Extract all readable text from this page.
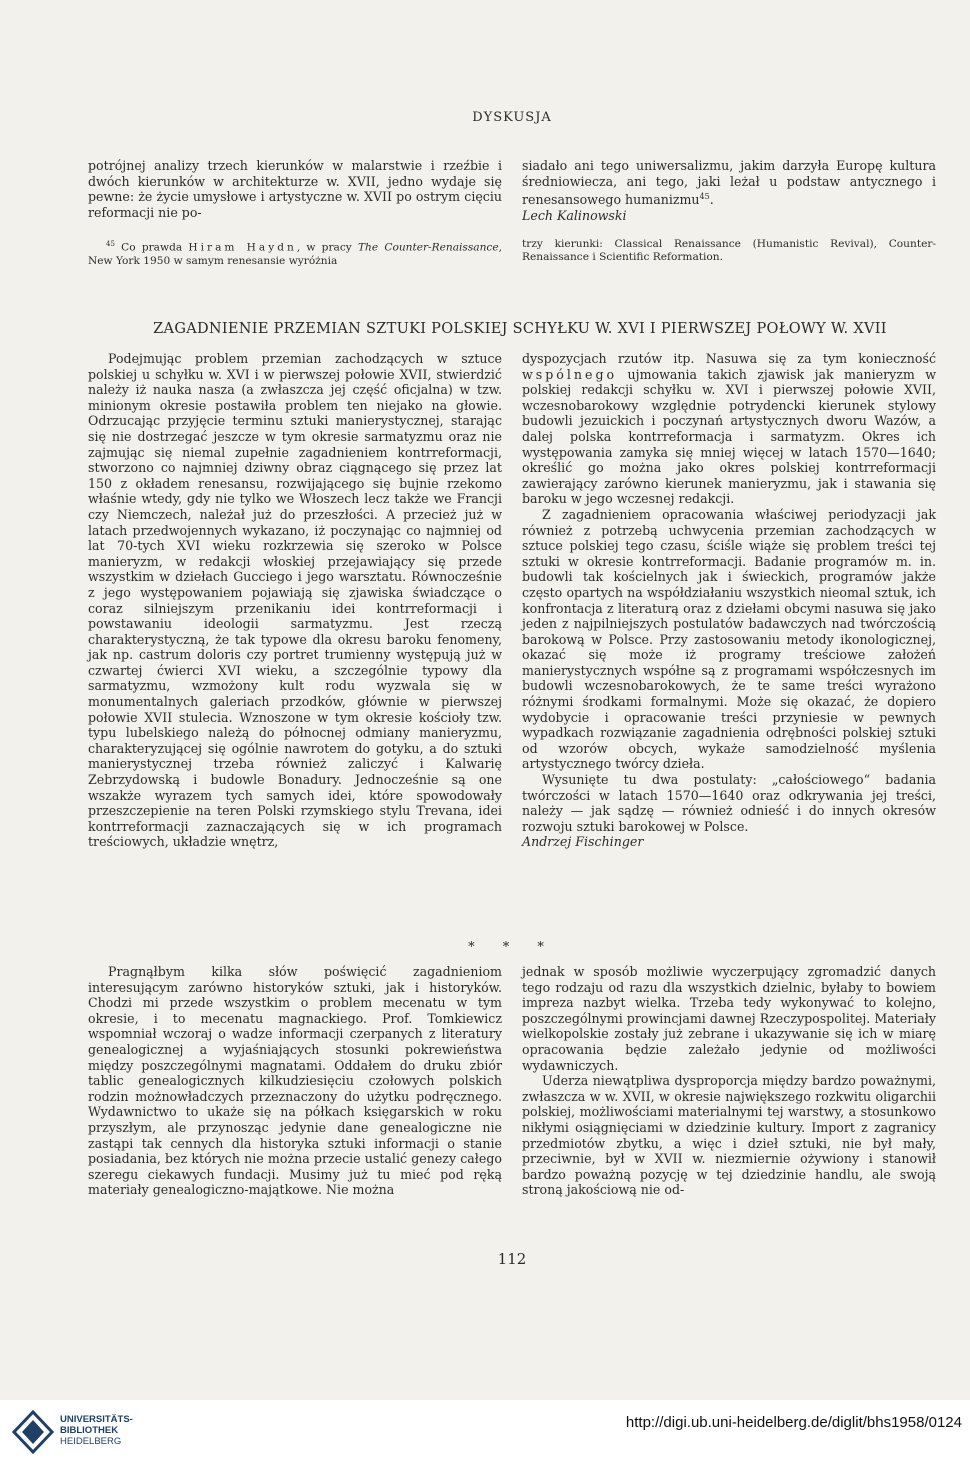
DYSKUSJA

potrójnej analizy trzech kierunków w malarstwie i rzeźbie i dwóch kierunków w architekturze w. XVII, jedno wydaje się pewne: że życie umysłowe i artystyczne w. XVII po ostrym cięciu reformacji nie po-

siadało ani tego uniwersalizmu, jakim darzyła Europę kultura średniowiecza, ani tego, jaki leżał u podstaw antycznego i renesansowego humanizmu$^{45}$.

Lech Kalinowski

$^{45}$ Co prawda Hiram Haydn, w pracy The Counter-Renaissance, New York 1950 w samym renesansie wyróżnia

trzy kierunki: Classical Renaissance (Humanistic Revival), Counter-Renaissance i Scientific Reformation.

ZAGADNIENIE PRZEMIAN SZTUKI POLSKIEJ SCHYŁKU W. XVI I PIERWSZEJ POŁOWY W. XVII

Podejmując problem przemian zachodzących w sztuce polskiej u schyłku w. XVI i w pierwszej połowie XVII, stwierdzić należy iż nauka nasza (a zwłaszcza jej część oficjalna) w tzw. minionym okresie postawiła problem ten niejako na głowie. Odrzucając przyjęcie terminu sztuki manierystycznej, starając się nie dostrzegać jeszcze w tym okresie sarmatyzmu oraz nie zajmując się niemal zupełnie zagadnieniem kontrreformacji, stworzono co najmniej dziwny obraz ciągnącego się przez lat 150 z okładem renesansu, rozwijającego się bujnie rzekomo właśnie wtedy, gdy nie tylko we Włoszech lecz także we Francji czy Niemczech, należał już do przeszłości. A przecież już w latach przedwojennych wykazano, iż poczynając co najmniej od lat 70-tych XVI wieku rozkrzewia się szeroko w Polsce manieryzm, w redakcji włoskiej przejawiający się przede wszystkim w dziełach Gucciego i jego warsztatu. Równocześnie z jego występowaniem pojawiają się zjawiska świadczące o coraz silniejszym przenikaniu idei kontrreformacji i powstawaniu ideologii sarmatyzmu. Jest rzeczą charakterystyczną, że tak typowe dla okresu baroku fenomeny, jak np. castrum doloris czy portret trumienny występują już w czwartej ćwierci XVI wieku, a szczególnie typowy dla sarmatyzmu, wzmożony kult rodu wyzwala się w monumentalnych galeriach przodków, głównie w pierwszej połowie XVII stulecia. Wznoszone w tym okresie kościoły tzw. typu lubelskiego należą do północnej odmiany manieryzmu, charakteryzującej się ogólnie nawrotem do gotyku, a do sztuki manierystycznej trzeba również zaliczyć i Kalwarię Zebrzydowską i budowle Bonadury. Jednocześnie są one wszakże wyrazem tych samych idei, które spowodowały przeszczepienie na teren Polski rzymskiego stylu Trevana, idei kontrreformacji zaznaczających się w ich programach treściowych, układzie wnętrz,

dyspozycjach rzutów itp. Nasuwa się za tym konieczność wspólnego ujmowania takich zjawisk jak manieryzm w polskiej redakcji schyłku w. XVI i pierwszej połowie XVII, wczesnobarokowy względnie potrydencki kierunek stylowy budowli jezuickich i poczynań artystycznych dworu Wazów, a dalej polska kontrreformacja i sarmatyzm. Okres ich występowania zamyka się mniej więcej w latach 1570—1640; określić go można jako okres polskiej kontrreformacji zawierający zarówno kierunek manieryzmu, jak i stawania się baroku w jego wczesnej redakcji.

Z zagadnieniem opracowania właściwej periodyzacji jak również z potrzebą uchwycenia przemian zachodzących w sztuce polskiej tego czasu, ściśle wiąże się problem treści tej sztuki w okresie kontrreformacji. Badanie programów m. in. budowli tak kościelnych jak i świeckich, programów jakże często opartych na współdziałaniu wszystkich nieomal sztuk, ich konfrontacja z literaturą oraz z dziełami obcymi nasuwa się jako jeden z najpilniejszych postulatów badawczych nad twórczością barokową w Polsce. Przy zastosowaniu metody ikonologicznej, okazać się może iż programy treściowe założeń manierystycznych współne są z programami współczesnych im budowli wczesnobarokowych, że te same treści wyrażono różnymi środkami formalnymi. Może się okazać, że dopiero wydobycie i opracowanie treści przyniesie w pewnych wypadkach rozwiązanie zagadnienia odrębności polskiej sztuki od wzorów obcych, wykaże samodzielność myślenia artystycznego twórcy dzieła.

Wysunięte tu dwa postulaty: „całościowego“ badania twórczości w latach 1570—1640 oraz odkrywania jej treści, należy — jak sądzę — również odnieść i do innych okresów rozwoju sztuki barokowej w Polsce.

Andrzej Fischinger

* * *

Pragnąłbym kilka słów poświęcić zagadnieniom interesującym zarówno historyków sztuki, jak i historyków. Chodzi mi przede wszystkim o problem mecenatu w tym okresie, i to mecenatu magnackiego. Prof. Tomkiewicz wspomniał wczoraj o wadze informacji czerpanych z literatury genealogicznej a wyjaśniających stosunki pokrewieństwa między poszczególnymi magnatami. Oddałem do druku zbiór tablic genealogicznych kilkudziesięciu czołowych polskich rodzin możnowładczych przeznaczony do użytku podręcznego. Wydawnictwo to ukaże się na półkach księgarskich w roku przyszłym, ale przynosząc jedynie dane genealogiczne nie zastąpi tak cennych dla historyka sztuki informacji o stanie posiadania, bez których nie można przecie ustalić genezy całego szeregu ciekawych fundacji. Musimy już tu mieć pod ręką materiały genealogiczno-majątkowe. Nie można

jednak w sposób możliwie wyczerpujący zgromadzić danych tego rodzaju od razu dla wszystkich dzielnic, byłaby to bowiem impreza nazbyt wielka. Trzeba tedy wykonywać to kolejno, poszczególnymi prowincjami dawnej Rzeczypospolitej. Materiały wielkopolskie zostały już zebrane i ukazywanie się ich w miarę opracowania będzie zależało jedynie od możliwości wydawniczych.

Uderza niewątpliwa dysproporcja między bardzo poważnymi, zwłaszcza w w. XVII, w okresie największego rozkwitu oligarchii polskiej, możliwościami materialnymi tej warstwy, a stosunkowo nikłymi osiągnięciami w dziedzinie kultury. Import z zagranicy przedmiotów zbytku, a więc i dzieł sztuki, nie był mały, przeciwnie, był w XVII w. niezmiernie ożywiony i stanowił bardzo poważną pozycję w tej dziedzinie handlu, ale swoją stroną jakościową nie od-

112
UNIVERSITÄTS-
BIBLIOTHEK
HEIDELBERG
http://digi.ub.uni-heidelberg.de/diglit/bhs1958/0124
